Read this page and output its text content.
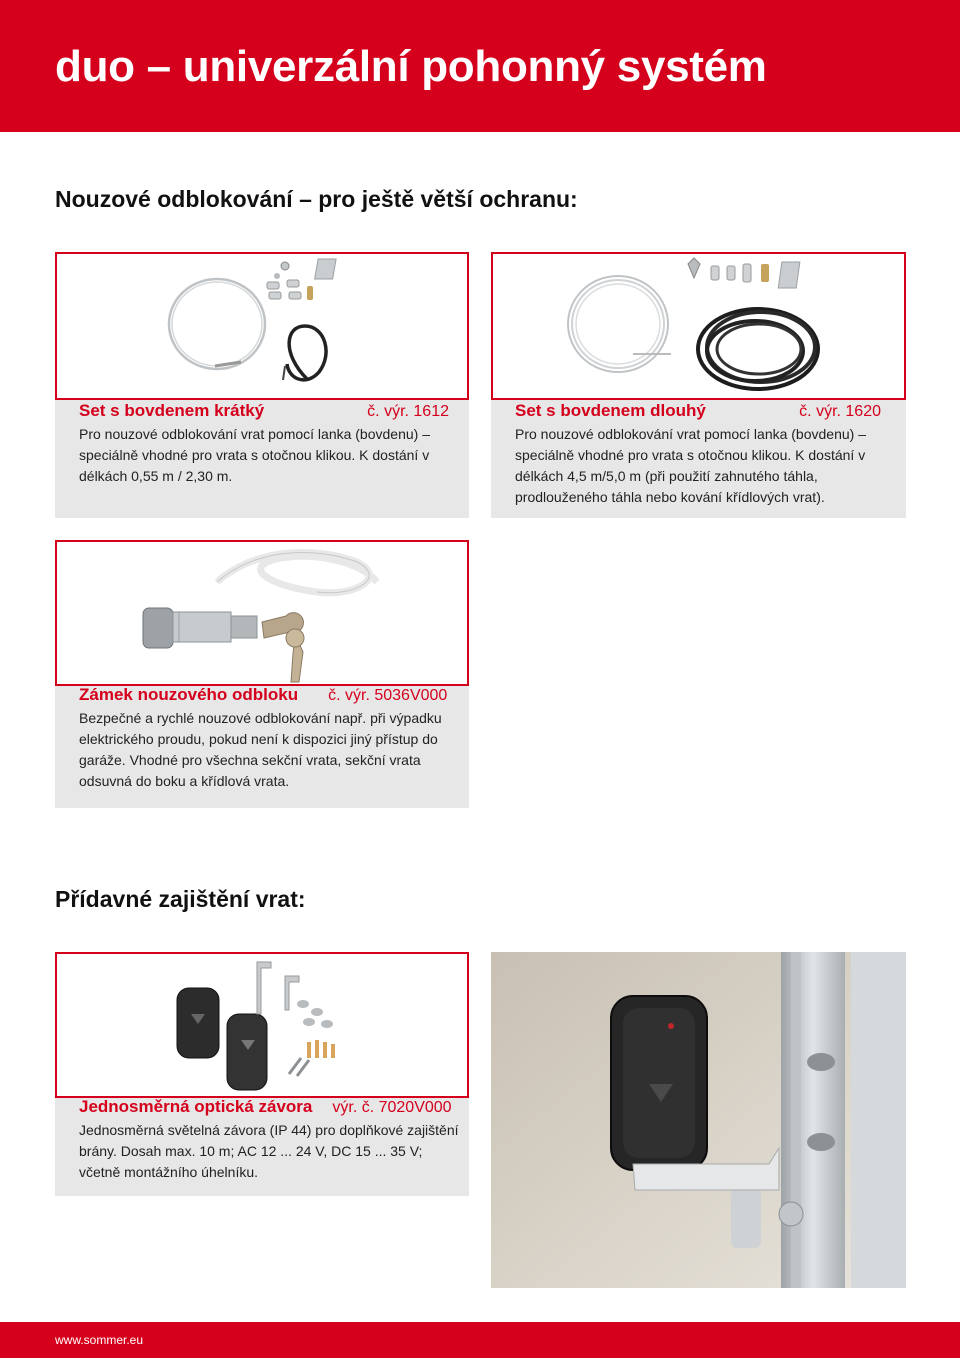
duo – univerzální pohonný systém
Nouzové odblokování – pro ještě větší ochranu:
Set s bovdenem krátký	č. výr. 1612

Pro nouzové odblokování vrat pomocí lanka (bovdenu) – speciálně vhodné pro vrata s otočnou klikou. K dostání v délkách 0,55 m / 2,30 m.

Set s bovdenem dlouhý	č. výr. 1620

Pro nouzové odblokování vrat pomocí lanka (bovdenu) – speciálně vhodné pro vrata s otočnou klikou. K dostání v délkách 4,5 m/5,0 m (při použití zahnutého táhla, prodlouženého táhla nebo kování křídlových vrat).

Zámek nouzového odbloku č. výr. 5036V000

Bezpečné a rychlé nouzové odblokování např. při výpadku elektrického proudu, pokud není k dispozici jiný přístup do garáže. Vhodné pro všechna sekční vrata, sekční vrata odsuvná do boku a křídlová vrata.

Přídavné zajištění vrat:
Jednosměrná optická závora výr. č. 7020V000

Jednosměrná světelná závora (IP 44) pro doplňkové zajištění brány. Dosah max. 10 m; AC 12 ... 24 V, DC 15 ... 35 V; včetně montážního úhelníku.

www.sommer.eu
